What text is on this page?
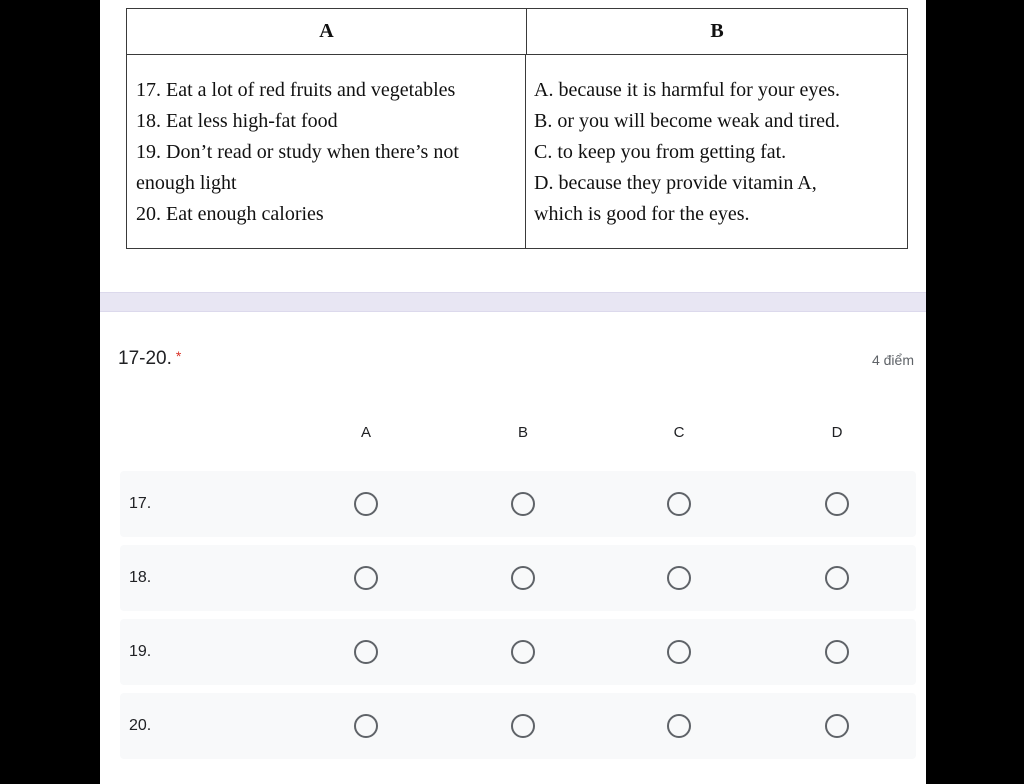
A	B
17. Eat a lot of red fruits and vegetables
18. Eat less high-fat food
19. Don’t read or study when there’s not
enough light
20. Eat enough calories
A. because it is harmful for your eyes.
B. or you will become weak and tired.
C. to keep you from getting fat.
D. because they provide vitamin A,
which is good for the eyes.
17-20. *	4 điểm
A	B	C	D
17.
18.
19.
20.
